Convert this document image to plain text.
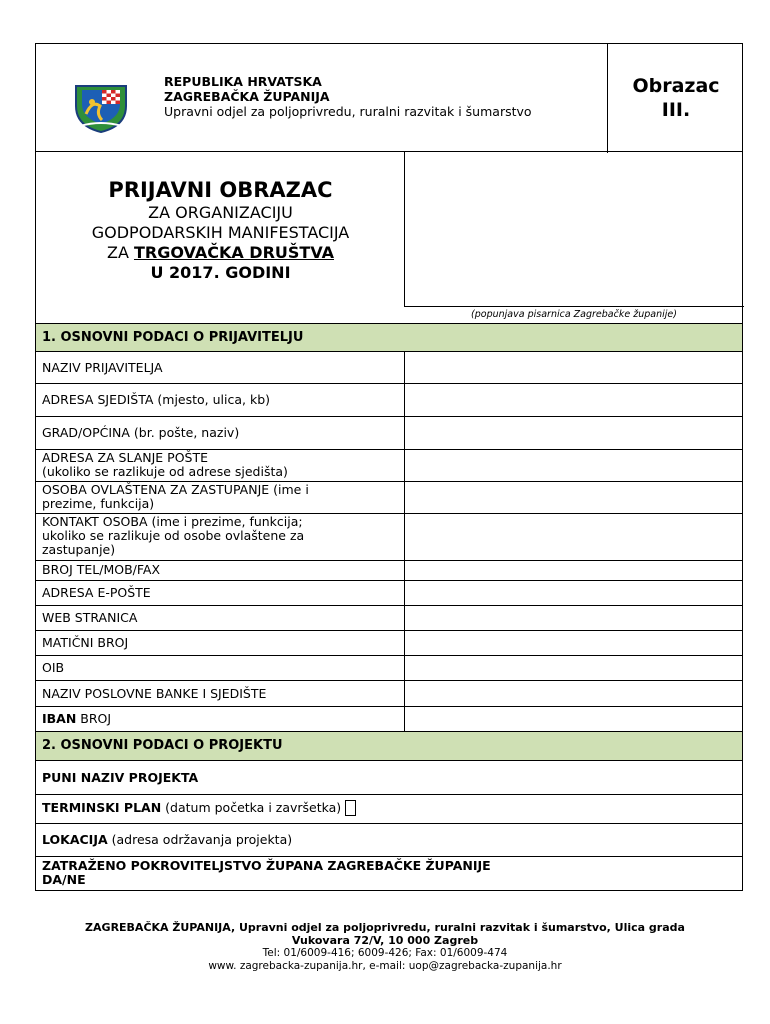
REPUBLIKA HRVATSKA
ZAGREBAČKA ŽUPANIJA
Upravni odjel za poljoprivredu, ruralni razvitak i šumarstvo
Obrazac
III.
PRIJAVNI OBRAZAC
ZA ORGANIZACIJU
GODPODARSKIH MANIFESTACIJA
ZA TRGOVAČKA DRUŠTVA
U 2017. GODINI
(popunjava pisarnica Zagrebačke županije)
1. OSNOVNI PODACI O PRIJAVITELJU
NAZIV PRIJAVITELJA
ADRESA SJEDIŠTA (mjesto, ulica, kb)
GRAD/OPĆINA (br. pošte, naziv)
ADRESA ZA SLANJE POŠTE
(ukoliko se razlikuje od adrese sjedišta)
OSOBA OVLAŠTENA ZA ZASTUPANJE (ime i
prezime, funkcija)
KONTAKT OSOBA (ime i prezime, funkcija;
ukoliko se razlikuje od osobe ovlaštene za
zastupanje)
BROJ TEL/MOB/FAX
ADRESA E-POŠTE
WEB STRANICA
MATIČNI BROJ
OIB
NAZIV POSLOVNE BANKE I SJEDIŠTE
IBAN BROJ
2. OSNOVNI PODACI O PROJEKTU
PUNI NAZIV PROJEKTA
TERMINSKI PLAN (datum početka i završetka)
LOKACIJA (adresa održavanja projekta)
ZATRAŽENO POKROVITELJSTVO ŽUPANA ZAGREBAČKE ŽUPANIJE
DA/NE
ZAGREBAČKA ŽUPANIJA, Upravni odjel za poljoprivredu, ruralni razvitak i šumarstvo, Ulica grada
Vukovara 72/V, 10 000 Zagreb
Tel: 01/6009-416; 6009-426; Fax: 01/6009-474
www. zagrebacka-zupanija.hr, e-mail: uop@zagrebacka-zupanija.hr
